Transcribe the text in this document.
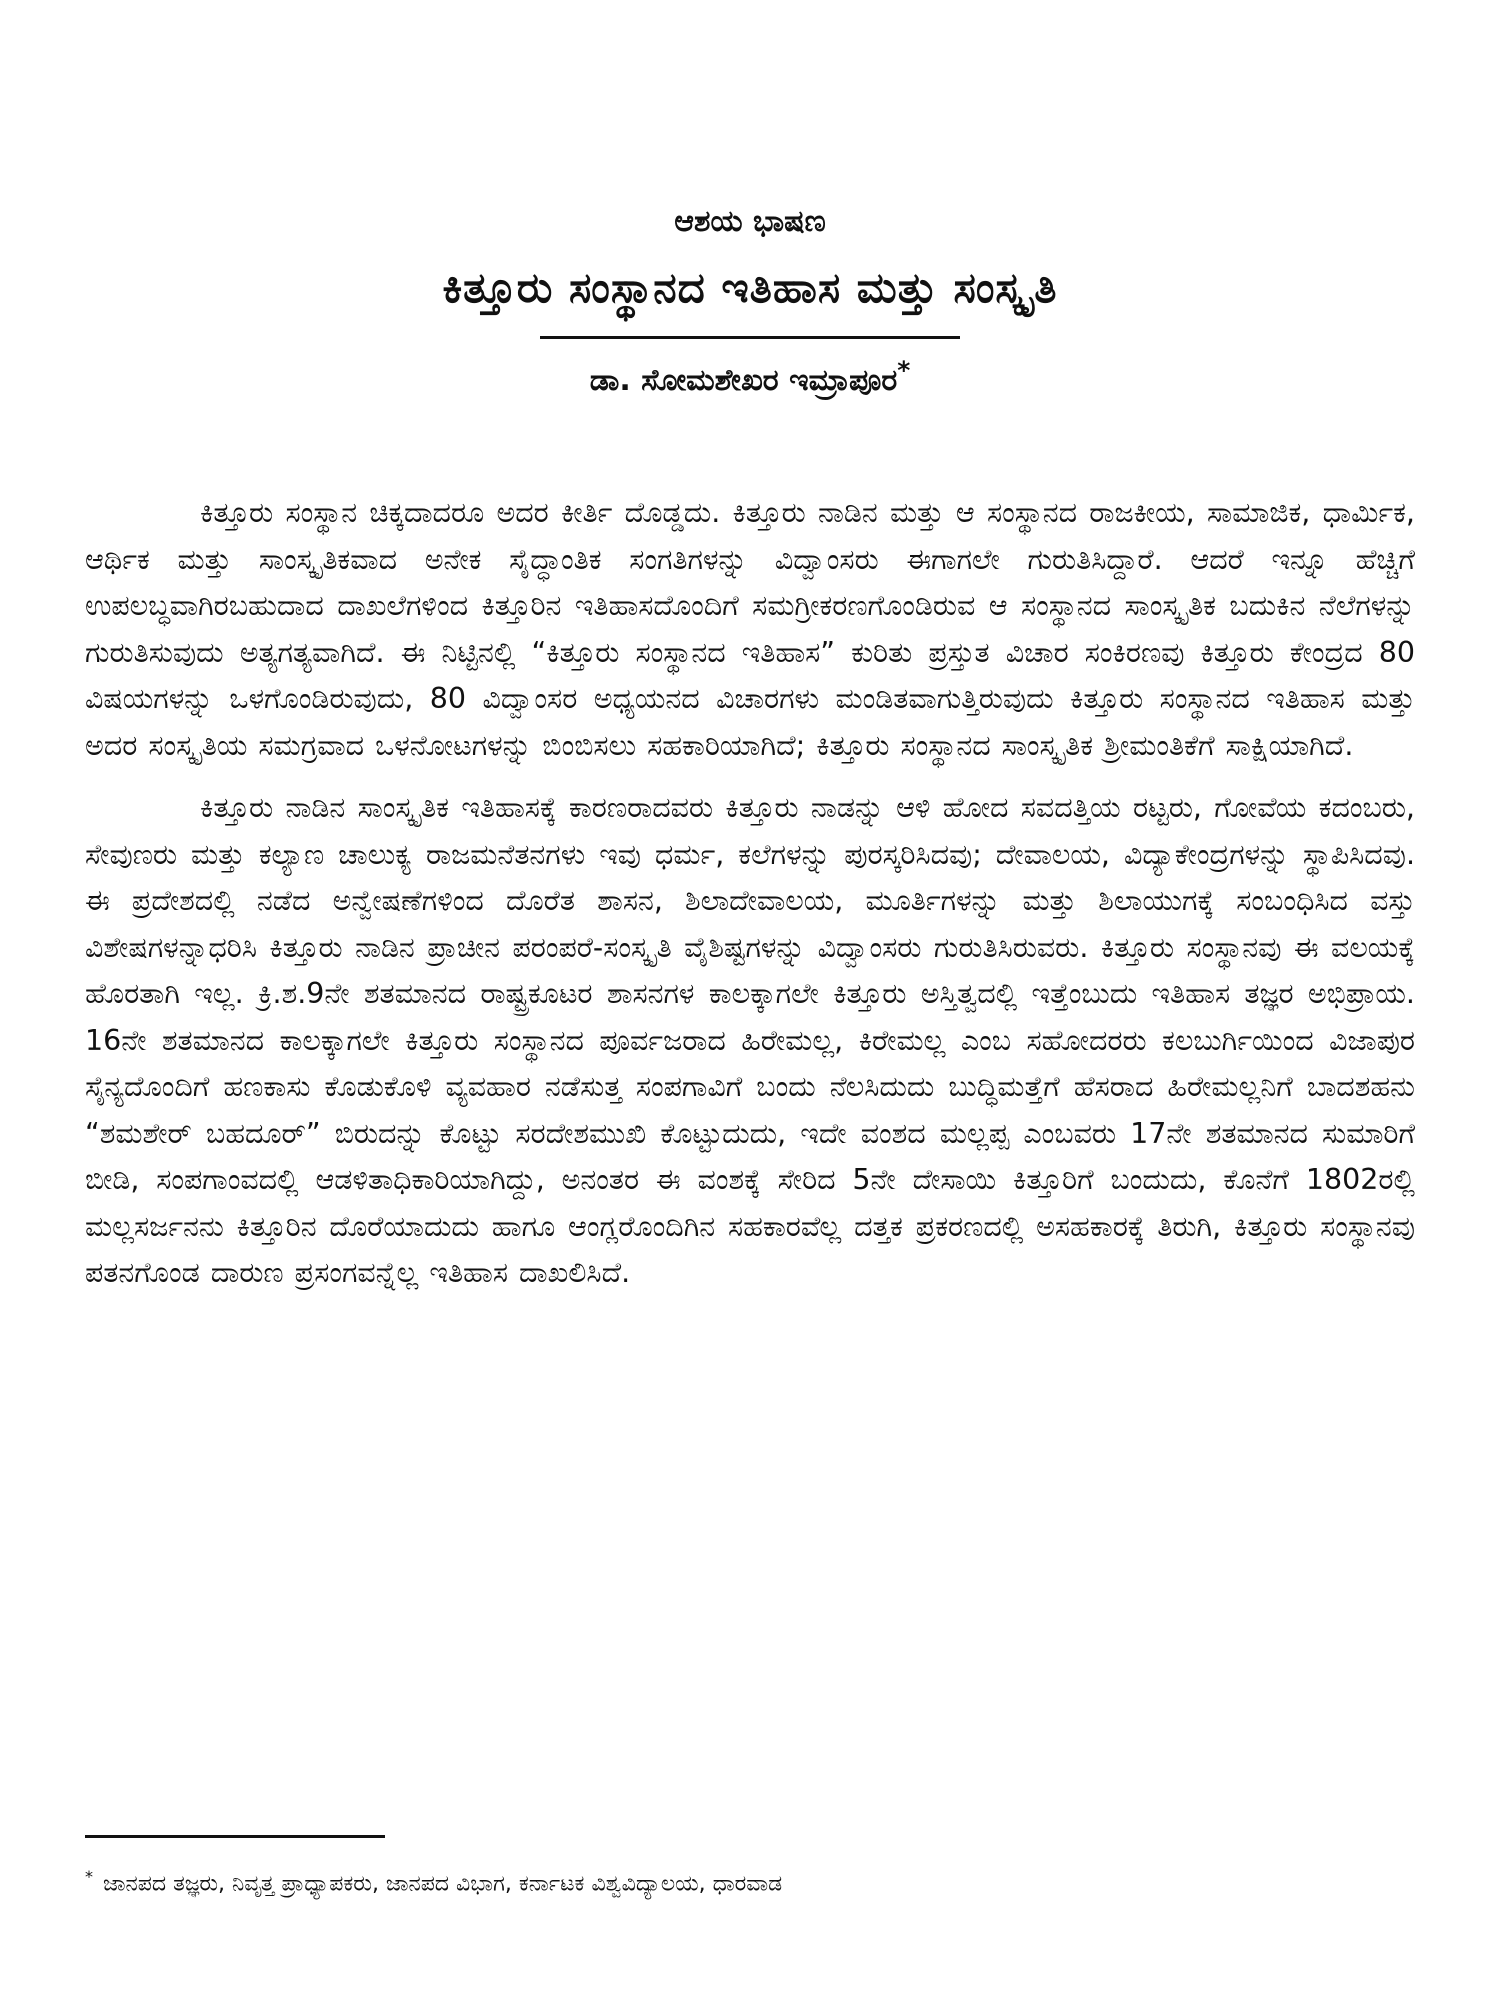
ಆಶಯ ಭಾಷಣ
ಕಿತ್ತೂರು ಸಂಸ್ಥಾನದ ಇತಿಹಾಸ ಮತ್ತು ಸಂಸ್ಕೃತಿ
ಡಾ. ಸೋಮಶೇಖರ ಇಮ್ರಾಪೂರ*

ಕಿತ್ತೂರು ಸಂಸ್ಥಾನ ಚಿಕ್ಕದಾದರೂ ಅದರ ಕೀರ್ತಿ ದೊಡ್ಡದು. ಕಿತ್ತೂರು ನಾಡಿನ ಮತ್ತು ಆ ಸಂಸ್ಥಾನದ ರಾಜಕೀಯ, ಸಾಮಾಜಿಕ, ಧಾರ್ಮಿಕ, ಆರ್ಥಿಕ ಮತ್ತು ಸಾಂಸ್ಕೃತಿಕವಾದ ಅನೇಕ ಸೈದ್ಧಾಂತಿಕ ಸಂಗತಿಗಳನ್ನು ವಿದ್ವಾಂಸರು ಈಗಾಗಲೇ ಗುರುತಿಸಿದ್ದಾರೆ. ಆದರೆ ಇನ್ನೂ ಹೆಚ್ಚಿಗೆ ಉಪಲಬ್ಧವಾಗಿರಬಹುದಾದ ದಾಖಲೆಗಳಿಂದ ಕಿತ್ತೂರಿನ ಇತಿಹಾಸದೊಂದಿಗೆ ಸಮಗ್ರೀಕರಣಗೊಂಡಿರುವ ಆ ಸಂಸ್ಥಾನದ ಸಾಂಸ್ಕೃತಿಕ ಬದುಕಿನ ನೆಲೆಗಳನ್ನು ಗುರುತಿಸುವುದು ಅತ್ಯಗತ್ಯವಾಗಿದೆ. ಈ ನಿಟ್ಟಿನಲ್ಲಿ “ಕಿತ್ತೂರು ಸಂಸ್ಥಾನದ ಇತಿಹಾಸ” ಕುರಿತು ಪ್ರಸ್ತುತ ವಿಚಾರ ಸಂಕಿರಣವು ಕಿತ್ತೂರು ಕೇಂದ್ರದ 80 ವಿಷಯಗಳನ್ನು ಒಳಗೊಂಡಿರುವುದು, 80 ವಿದ್ವಾಂಸರ ಅಧ್ಯಯನದ ವಿಚಾರಗಳು ಮಂಡಿತವಾಗುತ್ತಿರುವುದು ಕಿತ್ತೂರು ಸಂಸ್ಥಾನದ ಇತಿಹಾಸ ಮತ್ತು ಅದರ ಸಂಸ್ಕೃತಿಯ ಸಮಗ್ರವಾದ ಒಳನೋಟಗಳನ್ನು ಬಿಂಬಿಸಲು ಸಹಕಾರಿಯಾಗಿದೆ; ಕಿತ್ತೂರು ಸಂಸ್ಥಾನದ ಸಾಂಸ್ಕೃತಿಕ ಶ್ರೀಮಂತಿಕೆಗೆ ಸಾಕ್ಷಿಯಾಗಿದೆ.

ಕಿತ್ತೂರು ನಾಡಿನ ಸಾಂಸ್ಕೃತಿಕ ಇತಿಹಾಸಕ್ಕೆ ಕಾರಣರಾದವರು ಕಿತ್ತೂರು ನಾಡನ್ನು ಆಳಿ ಹೋದ ಸವದತ್ತಿಯ ರಟ್ಟರು, ಗೋವೆಯ ಕದಂಬರು, ಸೇವುಣರು ಮತ್ತು ಕಲ್ಯಾಣ ಚಾಲುಕ್ಯ ರಾಜಮನೆತನಗಳು ಇವು ಧರ್ಮ, ಕಲೆಗಳನ್ನು ಪುರಸ್ಕರಿಸಿದವು; ದೇವಾಲಯ, ವಿದ್ಯಾಕೇಂದ್ರಗಳನ್ನು ಸ್ಥಾಪಿಸಿದವು. ಈ ಪ್ರದೇಶದಲ್ಲಿ ನಡೆದ ಅನ್ವೇಷಣೆಗಳಿಂದ ದೊರೆತ ಶಾಸನ, ಶಿಲಾದೇವಾಲಯ, ಮೂರ್ತಿಗಳನ್ನು ಮತ್ತು ಶಿಲಾಯುಗಕ್ಕೆ ಸಂಬಂಧಿಸಿದ ವಸ್ತು ವಿಶೇಷಗಳನ್ನಾಧರಿಸಿ ಕಿತ್ತೂರು ನಾಡಿನ ಪ್ರಾಚೀನ ಪರಂಪರೆ-ಸಂಸ್ಕೃತಿ ವೈಶಿಷ್ಟಗಳನ್ನು ವಿದ್ವಾಂಸರು ಗುರುತಿಸಿರುವರು. ಕಿತ್ತೂರು ಸಂಸ್ಥಾನವು ಈ ವಲಯಕ್ಕೆ ಹೊರತಾಗಿ ಇಲ್ಲ. ಕ್ರಿ.ಶ.9ನೇ ಶತಮಾನದ ರಾಷ್ಟ್ರಕೂಟರ ಶಾಸನಗಳ ಕಾಲಕ್ಕಾಗಲೇ ಕಿತ್ತೂರು ಅಸ್ತಿತ್ವದಲ್ಲಿ ಇತ್ತೆಂಬುದು ಇತಿಹಾಸ ತಜ್ಞರ ಅಭಿಪ್ರಾಯ. 16ನೇ ಶತಮಾನದ ಕಾಲಕ್ಕಾಗಲೇ ಕಿತ್ತೂರು ಸಂಸ್ಥಾನದ ಪೂರ್ವಜರಾದ ಹಿರೇಮಲ್ಲ, ಕಿರೇಮಲ್ಲ ಎಂಬ ಸಹೋದರರು ಕಲಬುರ್ಗಿಯಿಂದ ವಿಜಾಪುರ ಸೈನ್ಯದೊಂದಿಗೆ ಹಣಕಾಸು ಕೊಡುಕೊಳಿ ವ್ಯವಹಾರ ನಡೆಸುತ್ತ ಸಂಪಗಾವಿಗೆ ಬಂದು ನೆಲಸಿದುದು ಬುದ್ಧಿಮತ್ತೆಗೆ ಹೆಸರಾದ ಹಿರೇಮಲ್ಲನಿಗೆ ಬಾದಶಹನು “ಶಮಶೇರ್ ಬಹದೂರ್” ಬಿರುದನ್ನು ಕೊಟ್ಟು ಸರದೇಶಮುಖಿ ಕೊಟ್ಟುದುದು, ಇದೇ ವಂಶದ ಮಲ್ಲಪ್ಪ ಎಂಬವರು 17ನೇ ಶತಮಾನದ ಸುಮಾರಿಗೆ ಬೀಡಿ, ಸಂಪಗಾಂವದಲ್ಲಿ ಆಡಳಿತಾಧಿಕಾರಿಯಾಗಿದ್ದು, ಅನಂತರ ಈ ವಂಶಕ್ಕೆ ಸೇರಿದ 5ನೇ ದೇಸಾಯಿ ಕಿತ್ತೂರಿಗೆ ಬಂದುದು, ಕೊನೆಗೆ 1802ರಲ್ಲಿ ಮಲ್ಲಸರ್ಜನನು ಕಿತ್ತೂರಿನ ದೊರೆಯಾದುದು ಹಾಗೂ ಆಂಗ್ಲರೊಂದಿಗಿನ ಸಹಕಾರವೆಲ್ಲ ದತ್ತಕ ಪ್ರಕರಣದಲ್ಲಿ ಅಸಹಕಾರಕ್ಕೆ ತಿರುಗಿ, ಕಿತ್ತೂರು ಸಂಸ್ಥಾನವು ಪತನಗೊಂಡ ದಾರುಣ ಪ್ರಸಂಗವನ್ನೆಲ್ಲ ಇತಿಹಾಸ ದಾಖಲಿಸಿದೆ.

* ಜಾನಪದ ತಜ್ಞರು, ನಿವೃತ್ತ ಪ್ರಾಧ್ಯಾಪಕರು, ಜಾನಪದ ವಿಭಾಗ, ಕರ್ನಾಟಕ ವಿಶ್ವವಿದ್ಯಾಲಯ, ಧಾರವಾಡ
